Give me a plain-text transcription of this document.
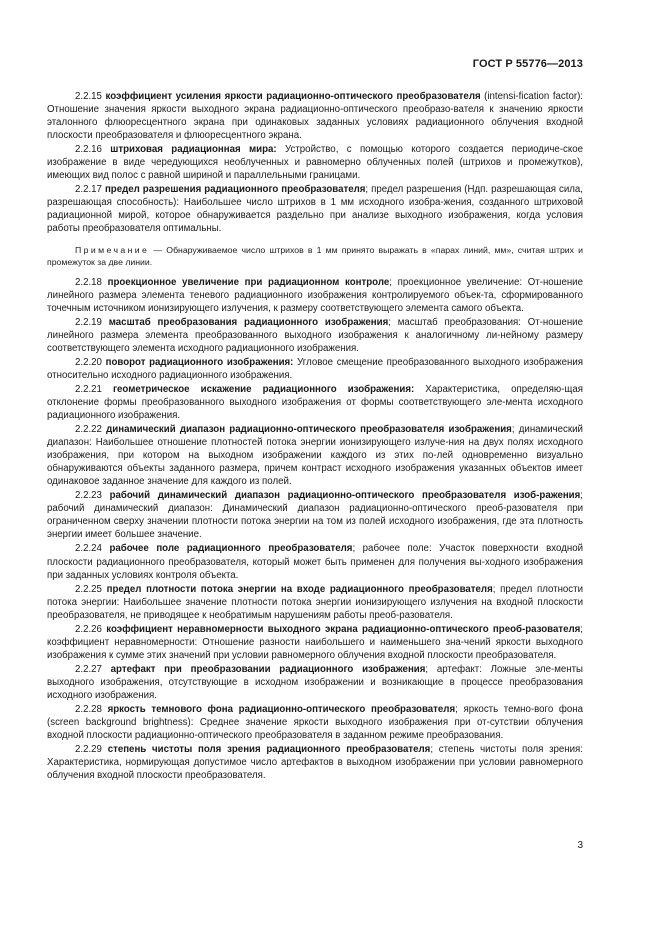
ГОСТ Р 55776—2013

2.2.15 коэффициент усиления яркости радиационно-оптического преобразователя (intensi-fication factor): Отношение значения яркости выходного экрана радиационно-оптического преобразо-вателя к значению яркости эталонного флюоресцентного экрана при одинаковых заданных условиях радиационного облучения входной плоскости преобразователя и флюоресцентного экрана.

2.2.16 штриховая радиационная мира: Устройство, с помощью которого создается периодиче-ское изображение в виде чередующихся необлученных и равномерно облученных полей (штрихов и промежутков), имеющих вид полос с равной шириной и параллельными границами.

2.2.17 предел разрешения радиационного преобразователя; предел разрешения (Ндп. разрешающая сила, разрешающая способность): Наибольшее число штрихов в 1 мм исходного изобра-жения, созданного штриховой радиационной мирой, которое обнаруживается раздельно при анализе выходного изображения, когда условия работы преобразователя оптимальны.

Примечание — Обнаруживаемое число штрихов в 1 мм принято выражать в «парах линий, мм», считая штрих и промежуток за две линии.

2.2.18 проекционное увеличение при радиационном контроле; проекционное увеличение: От-ношение линейного размера элемента теневого радиационного изображения контролируемого объек-та, сформированного точечным источником ионизирующего излучения, к размеру соответствующего элемента самого объекта.

2.2.19 масштаб преобразования радиационного изображения; масштаб преобразования: От-ношение линейного размера элемента преобразованного выходного изображения к аналогичному ли-нейному размеру соответствующего элемента исходного радиационного изображения.

2.2.20 поворот радиационного изображения: Угловое смещение преобразованного выходного изображения относительно исходного радиационного изображения.

2.2.21 геометрическое искажение радиационного изображения: Характеристика, определяю-щая отклонение формы преобразованного выходного изображения от формы соответствующего эле-мента исходного радиационного изображения.

2.2.22 динамический диапазон радиационно-оптического преобразователя изображения; динамический диапазон: Наибольшее отношение плотностей потока энергии ионизирующего излуче-ния на двух полях исходного изображения, при котором на выходном изображении каждого из этих по-лей одновременно визуально обнаруживаются объекты заданного размера, причем контраст исходного изображения указанных объектов имеет одинаковое заданное значение для каждого из полей.

2.2.23 рабочий динамический диапазон радиационно-оптического преобразователя изоб-ражения; рабочий динамический диапазон: Динамический диапазон радиационно-оптического преоб-разователя при ограниченном сверху значении плотности потока энергии на том из полей исходного изображения, где эта плотность энергии имеет большее значение.

2.2.24 рабочее поле радиационного преобразователя; рабочее поле: Участок поверхности входной плоскости радиационного преобразователя, который может быть применен для получения вы-ходного изображения при заданных условиях контроля объекта.

2.2.25 предел плотности потока энергии на входе радиационного преобразователя; предел плотности потока энергии: Наибольшее значение плотности потока энергии ионизирующего излучения на входной плоскости преобразователя, не приводящее к необратимым нарушениям работы преоб-разователя.

2.2.26 коэффициент неравномерности выходного экрана радиационно-оптического преоб-разователя; коэффициент неравномерности: Отношение разности наибольшего и наименьшего зна-чений яркости выходного изображения к сумме этих значений при условии равномерного облучения входной плоскости преобразователя.

2.2.27 артефакт при преобразовании радиационного изображения; артефакт: Ложные эле-менты выходного изображения, отсутствующие в исходном изображении и возникающие в процессе преобразования исходного изображения.

2.2.28 яркость темнового фона радиационно-оптического преобразователя; яркость темно-вого фона (screen background brightness): Среднее значение яркости выходного изображения при от-сутствии облучения входной плоскости радиационно-оптического преобразователя в заданном режиме преобразования.

2.2.29 степень чистоты поля зрения радиационного преобразователя; степень чистоты поля зрения: Характеристика, нормирующая допустимое число артефактов в выходном изображении при условии равномерного облучения входной плоскости преобразователя.

3
